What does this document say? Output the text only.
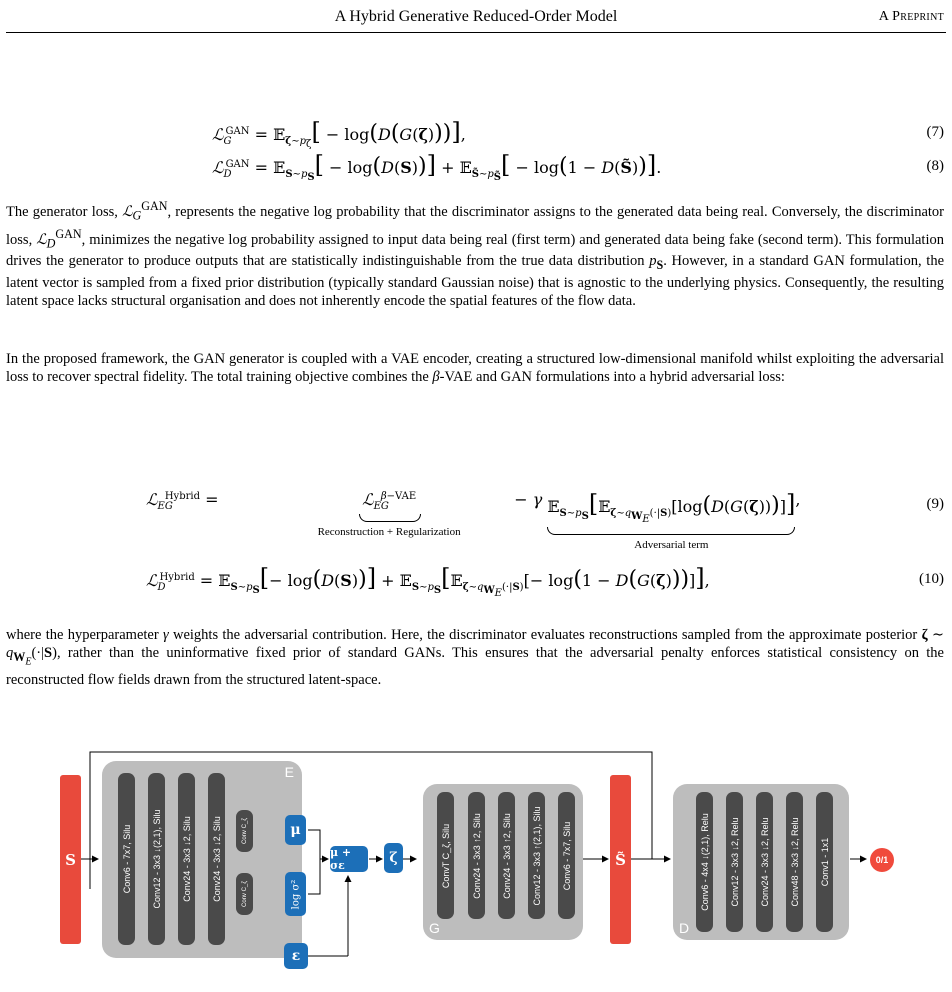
A Hybrid Generative Reduced-Order Model	A Preprint
ℒ$_G^{GAN}$ = 𝔼$_{\zeta\sim p_\zeta}$[ − log(D(G(ζ)))],	(7)
ℒ$_D^{GAN}$ = 𝔼$_{S\sim p_S}$[ − log(D(S))] + 𝔼$_{S̃\sim p_{S̃}}$[ − log(1 − D(S̃))].	(8)
The generator loss, ℒ$_G^{GAN}$, represents the negative log probability that the discriminator assigns to the generated data being real. Conversely, the discriminator loss, ℒ$_D^{GAN}$, minimizes the negative log probability assigned to input data being real (first term) and generated data being fake (second term). This formulation drives the generator to produce outputs that are statistically indistinguishable from the true data distribution $p_S$. However, in a standard GAN formulation, the latent vector is sampled from a fixed prior distribution (typically standard Gaussian noise) that is agnostic to the underlying physics. Consequently, the resulting latent space lacks structural organisation and does not inherently encode the spatial features of the flow data.
In the proposed framework, the GAN generator is coupled with a VAE encoder, creating a structured low-dimensional manifold whilst exploiting the adversarial loss to recover spectral fidelity. The total training objective combines the β-VAE and GAN formulations into a hybrid adversarial loss:
ℒ$_{EG}^{Hybrid}$ =	ℒ$_{EG}^{\beta-VAE}$
Reconstruction + Regularization
− γ 𝔼$_{S\sim p_S}$[𝔼$_{\zeta\sim q_{W_E}(\cdot|S)}$[log(D(G(ζ)))]]
Adversarial term
,	(9)
ℒ$_D^{Hybrid}$ = 𝔼$_{S\sim p_S}$[− log(D(S))] + 𝔼$_{S\sim p_S}$[𝔼$_{\zeta\sim q_{W_E}(\cdot|S)}$[− log(1 − D(G(ζ)))]],	(10)
where the hyperparameter γ weights the adversarial contribution. Here, the discriminator evaluates reconstructions sampled from the approximate posterior ζ ∼ $q_{W_E}(\cdot|S)$, rather than the uninformative fixed prior of standard GANs. This ensures that the adversarial penalty enforces statistical consistency on the reconstructed flow fields drawn from the structured latent-space.
S
E
Conv6 - 7x7, Silu Conv12 - 3x3 ↓(2,1), Silu Conv24 - 3x3 ↓2, Silu Conv24 - 3x3 ↓2, Silu	Conv C_ζ
Conv C_ζ
μ
log σ²
μ + σε
ε
ζ
G
ConvT C_ζ, Silu Conv24 - 3x3 ↑2, Silu Conv24 - 3x3 ↑2, Silu Conv12 - 3x3 ↑(2,1), Silu Conv6 - 7x7, Silu	S̃
D
Conv6 - 4x4 ↓(2,1), Relu Conv12 - 3x3 ↓2, Relu Conv24 - 3x3 ↓2, Relu Conv48 - 3x3 ↓2, Relu Conv1 - 1x1	0/1
